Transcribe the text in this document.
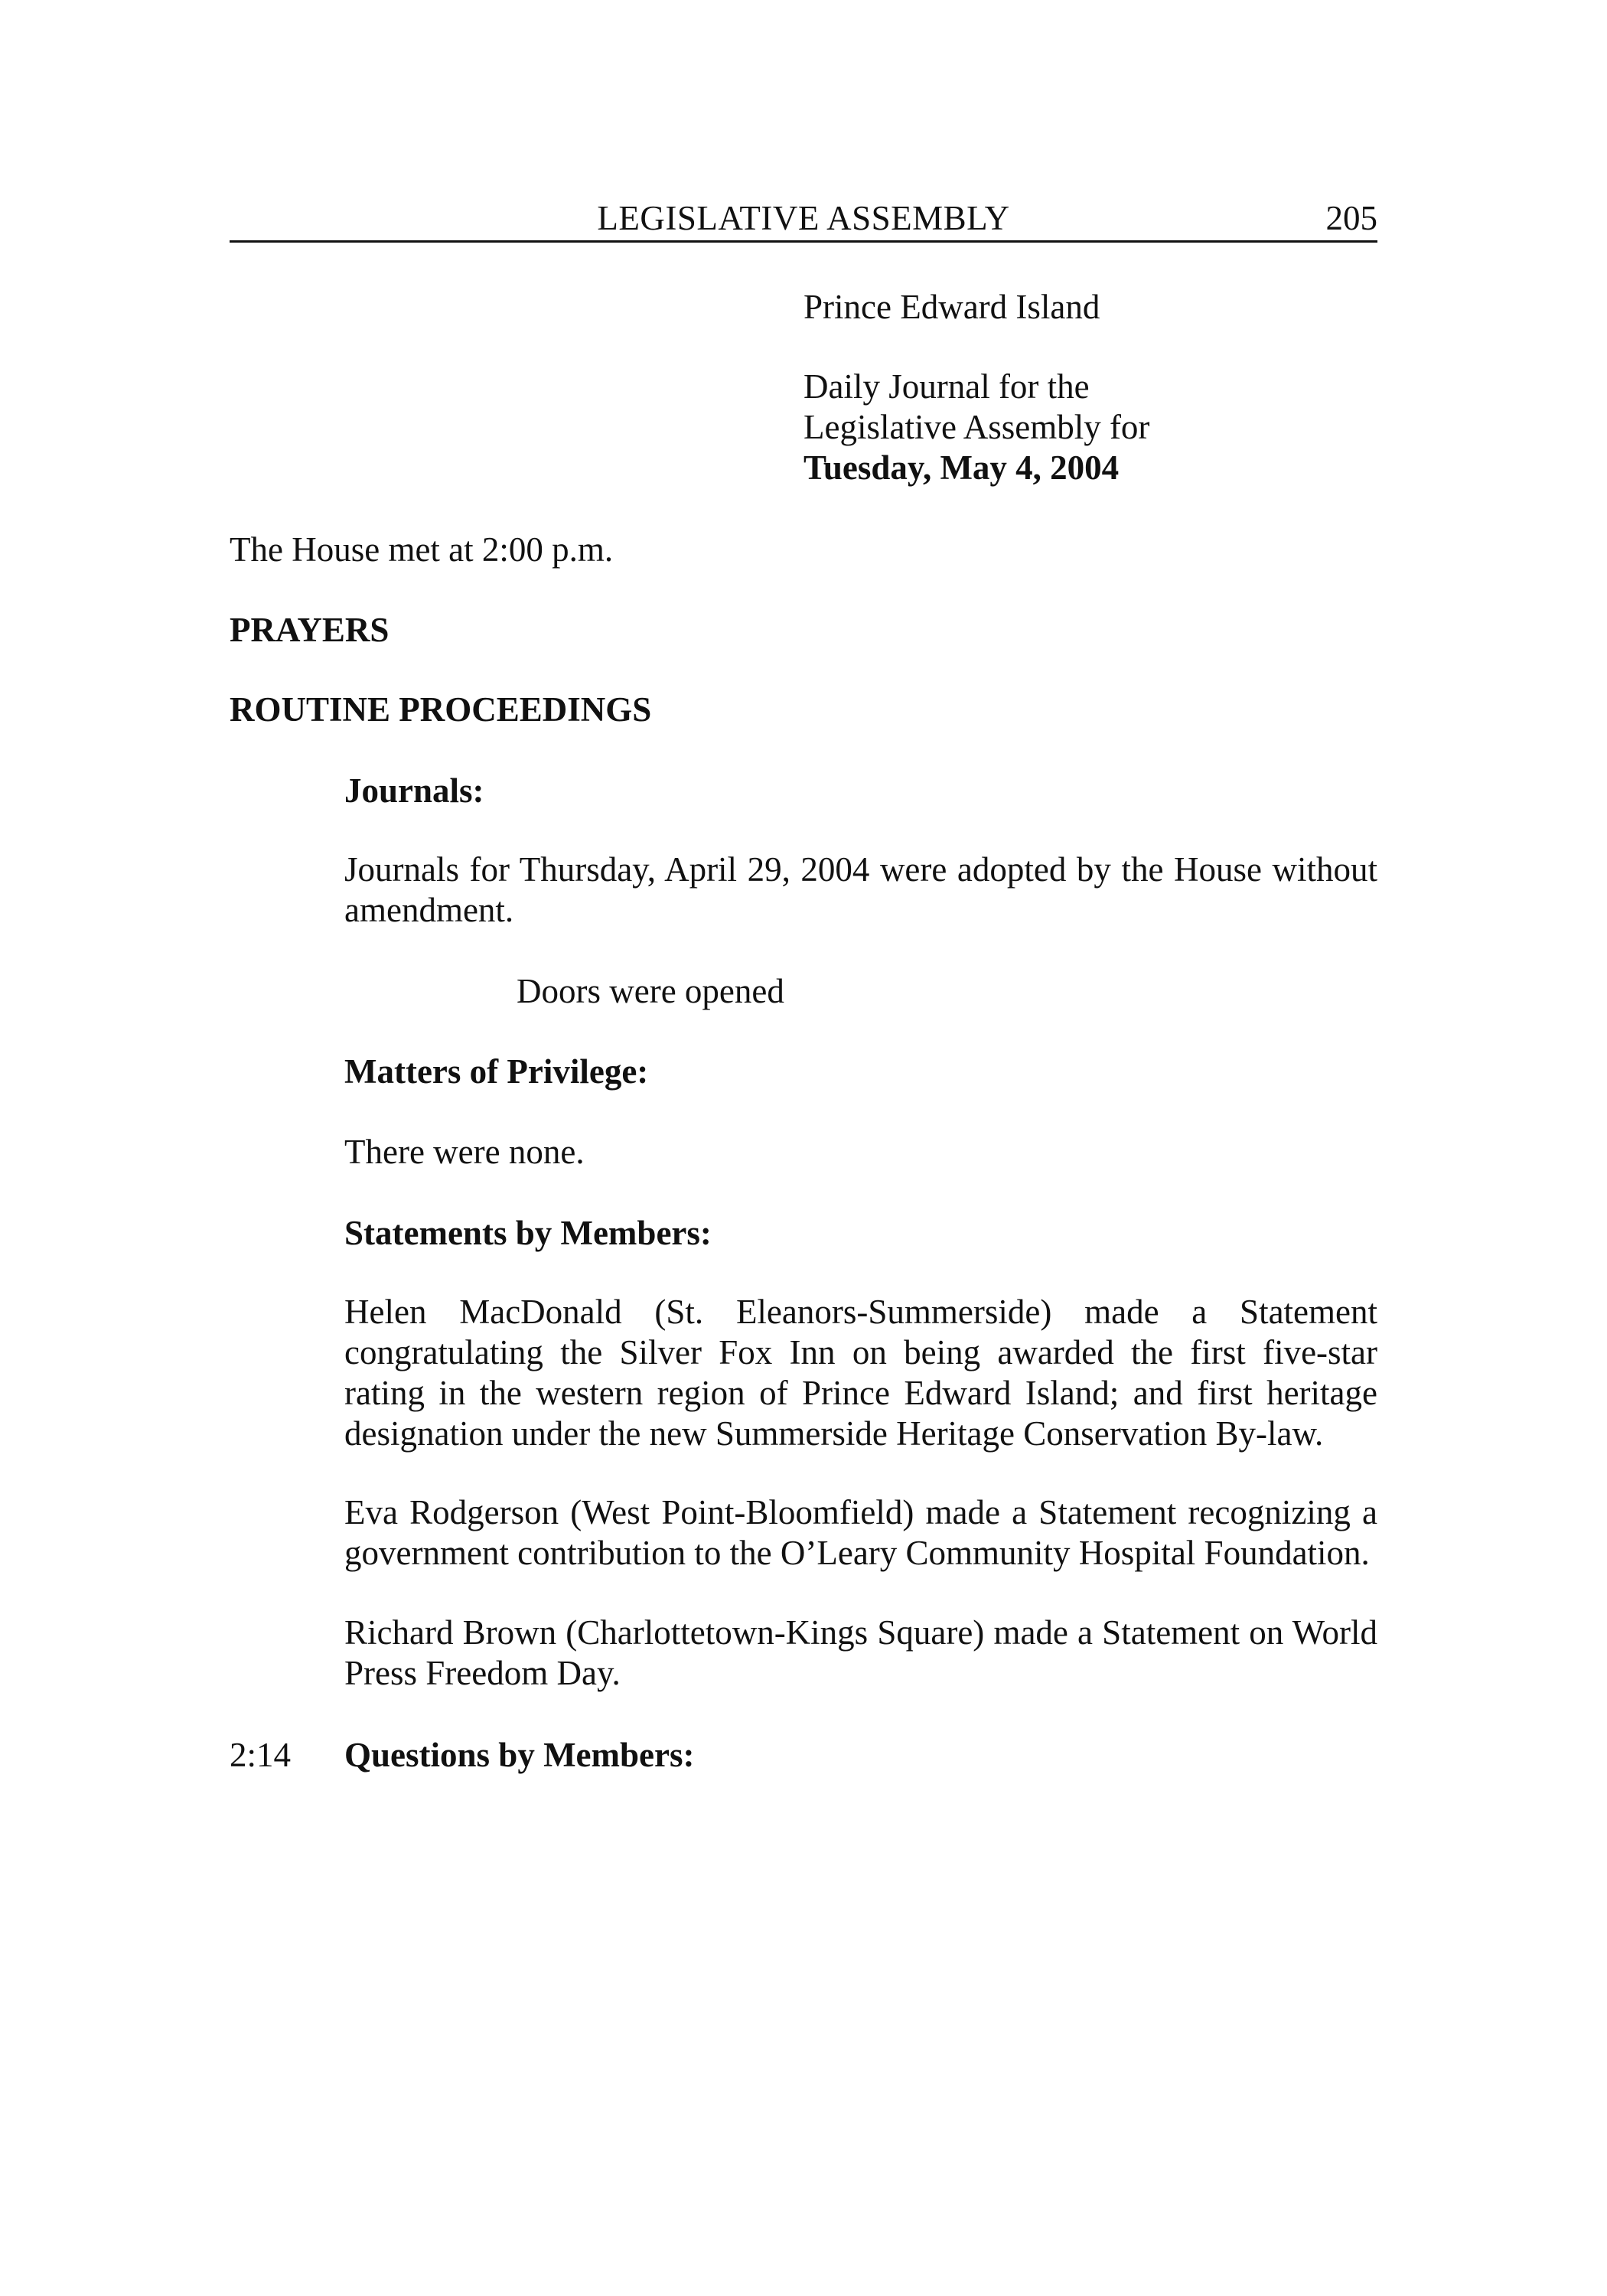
LEGISLATIVE ASSEMBLY	205
Prince Edward Island
Daily Journal for the
Legislative Assembly for
Tuesday, May 4, 2004
The House met at 2:00 p.m.
PRAYERS
ROUTINE PROCEEDINGS
Journals:
Journals for Thursday, April 29, 2004 were adopted by the House without amendment.
Doors were opened
Matters of Privilege:
There were none.
Statements by Members:
Helen MacDonald (St. Eleanors-Summerside) made a Statement congratulating the Silver Fox Inn on being awarded the first five-star rating in the western region of Prince Edward Island; and first heritage designation under the new Summerside Heritage Conservation By-law.
Eva Rodgerson (West Point-Bloomfield) made a Statement recognizing a government contribution to the O’Leary Community Hospital Foundation.
Richard Brown (Charlottetown-Kings Square) made a Statement on World Press Freedom Day.
2:14 Questions by Members:
